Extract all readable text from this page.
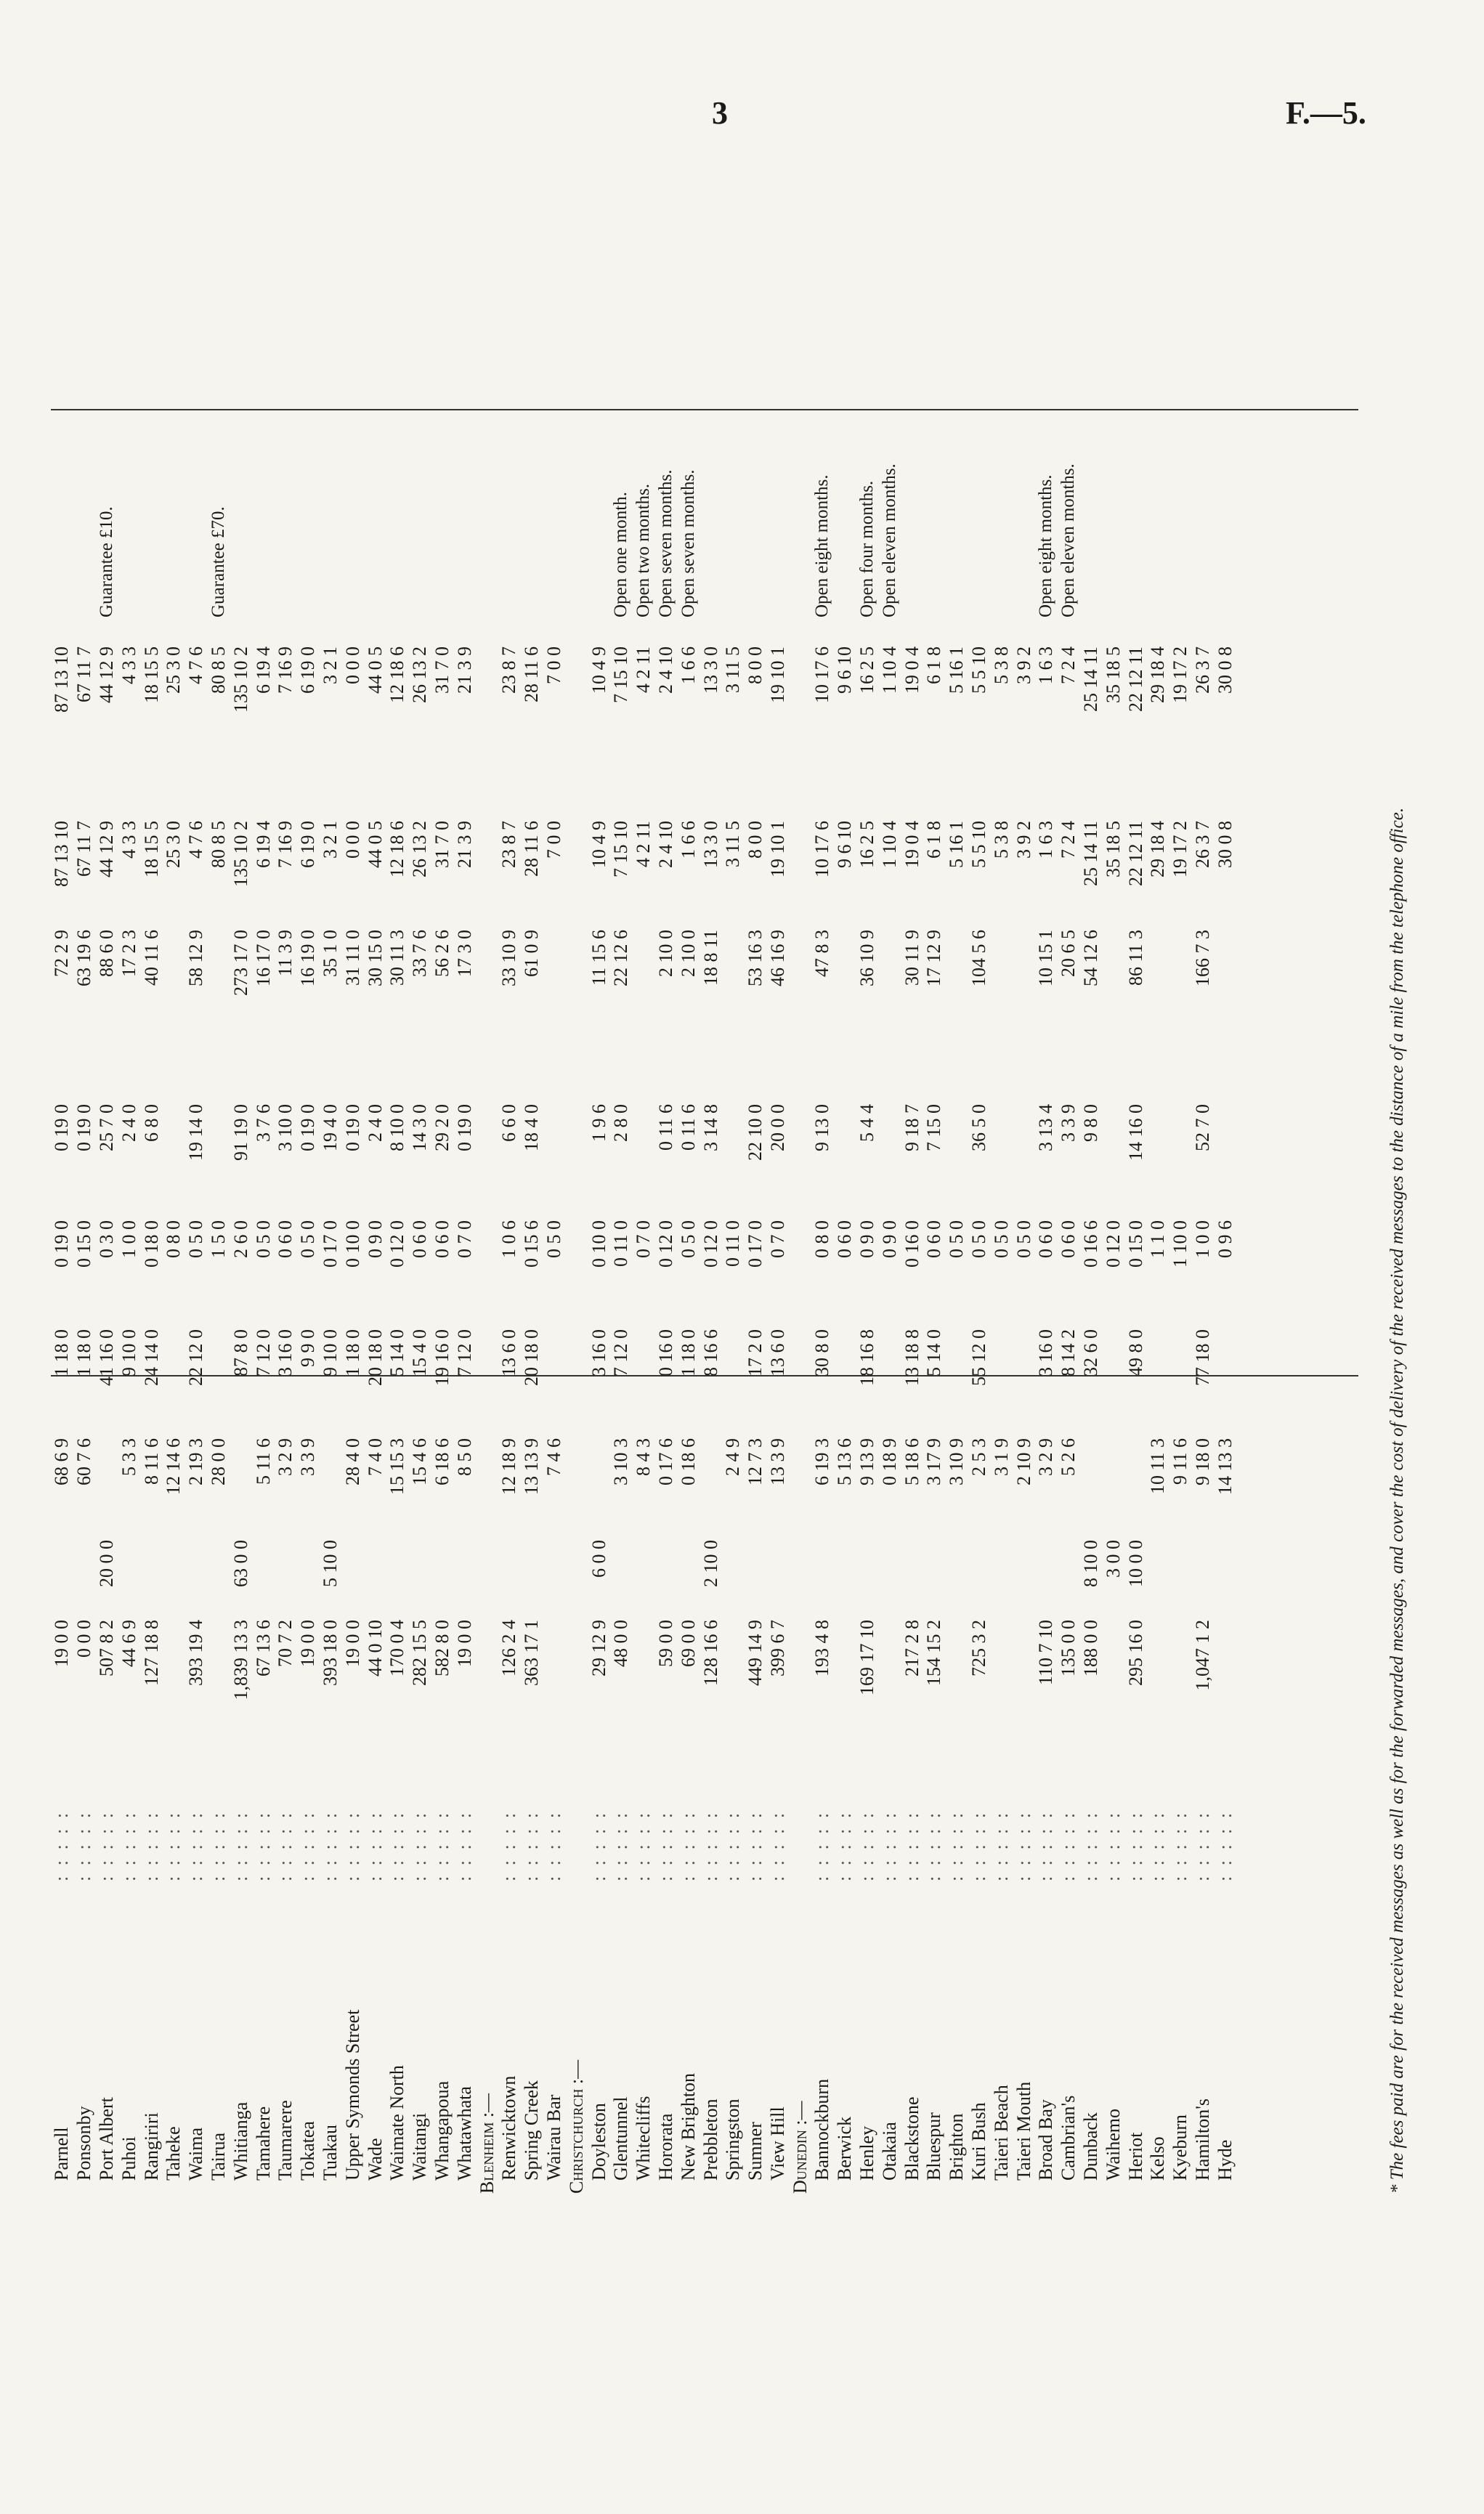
3	F.—5.
Parnell
: : : : :
19 0 0
68 6 9
1 18 0
0 19 0
0 19 0
72 2 9
87 13 10
87 13 10
Ponsonby
: : : : :
0 0 0
60 7 6
1 18 0
0 15 0
0 19 0
63 19 6
67 11 7
67 11 7
Port Albert
: : : : :
507 8 2
20 0 0
41 16 0
0 3 0
25 7 0
88 6 0
44 12 9
44 12 9
Guarantee £10.
Puhoi
: : : : :
44 6 9
5 3 3
9 10 0
1 0 0
2 4 0
17 2 3
4 3 3
4 3 3
Rangiriri
: : : : :
127 18 8
8 11 6
24 14 0
0 18 0
6 8 0
40 11 6
18 15 5
18 15 5
Taheke
: : : : :
12 14 6
0 8 0
25 3 0
25 3 0
Waima
: : : : :
393 19 4
2 19 3
22 12 0
0 5 0
19 14 0
58 12 9
4 7 6
4 7 6
Tairua
: : : : :
28 0 0
1 5 0
80 8 5
80 8 5
Guarantee £70.
Whitianga
: : : : :
1,839 13 3
63 0 0
87 8 0
2 6 0
91 19 0
273 17 0
135 10 2
135 10 2
Tamahere
: : : : :
67 13 6
5 11 6
7 12 0
0 5 0
3 7 6
16 17 0
6 19 4
6 19 4
Taumarere
: : : : :
70 7 2
3 2 9
3 16 0
0 6 0
3 10 0
11 3 9
7 16 9
7 16 9
Tokatea
: : : : :
19 0 0
3 3 9
9 9 0
0 5 0
0 19 0
16 19 0
6 19 0
6 19 0
Tuakau
: : : : :
393 18 0
5 10 0
9 10 0
0 17 0
19 4 0
35 1 0
3 2 1
3 2 1
Upper Symonds Street
: : : : :
19 0 0
28 4 0
1 18 0
0 10 0
0 19 0
31 11 0
0 0 0
0 0 0
Wade
: : : : :
44 0 10
7 4 0
20 18 0
0 9 0
2 4 0
30 15 0
44 0 5
44 0 5
Waimate North
: : : : :
170 0 4
15 15 3
5 14 0
0 12 0
8 10 0
30 11 3
12 18 6
12 18 6
Waitangi
: : : : :
282 15 5
15 4 6
15 4 0
0 6 0
14 3 0
33 7 6
26 13 2
26 13 2
Whangapoua
: : : : :
582 8 0
6 18 6
19 16 0
0 6 0
29 2 0
56 2 6
31 7 0
31 7 0
Whatawhata
: : : : :
19 0 0
8 5 0
7 12 0
0 7 0
0 19 0
17 3 0
21 3 9
21 3 9
Blenheim :— Renwicktown
: : : : :
126 2 4
12 18 9
13 6 0
1 0 6
6 6 0
33 10 9
23 8 7
23 8 7
Spring Creek
: : : : :
363 17 1
13 13 9
20 18 0
0 15 6
18 4 0
61 0 9
28 11 6
28 11 6
Wairau Bar
: : : : :
7 4 6
0 5 0
7 0 0
7 0 0
Christchurch :— Doyleston
: : : : :
29 12 9
6 0 0
3 16 0
0 10 0
1 9 6
11 15 6
10 4 9
10 4 9
Glentunnel
: : : : :
48 0 0
3 10 3
7 12 0
0 11 0
2 8 0
22 12 6
7 15 10
7 15 10
Open one month.
Whitecliffs
: : : : :
8 4 3
0 7 0
4 2 11
4 2 11
Open two months.
Hororata
: : : : :
59 0 0
0 17 6
0 16 0
0 12 0
0 11 6
2 10 0
2 4 10
2 4 10
Open seven months.
New Brighton
: : : : :
69 0 0
0 18 6
1 18 0
0 5 0
0 11 6
2 10 0
1 6 6
1 6 6
Open seven months.
Prebbleton
: : : : :
128 16 6
2 10 0
8 16 6
0 12 0
3 14 8
18 8 11
13 3 0
13 3 0
Springston
: : : : :
2 4 9
0 11 0
3 11 5
3 11 5
Sumner
: : : : :
449 14 9
12 7 3
17 2 0
0 17 0
22 10 0
53 16 3
8 0 0
8 0 0
View Hill
: : : : :
399 6 7
13 3 9
13 6 0
0 7 0
20 0 0
46 16 9
19 10 1
19 10 1
Dunedin :— Bannockburn
: : : : :
193 4 8
6 19 3
30 8 0
0 8 0
9 13 0
47 8 3
10 17 6
10 17 6
Open eight months.
Berwick
: : : : :
5 13 6
0 6 0
9 6 10
9 6 10
Henley
: : : : :
169 17 10
9 13 9
18 16 8
0 9 0
5 4 4
36 10 9
16 2 5
16 2 5
Open four months.
Otakaia
: : : : :
0 18 9
0 9 0
1 10 4
1 10 4
Open eleven months.
Blackstone
: : : : :
217 2 8
5 18 6
13 18 8
0 16 0
9 18 7
30 11 9
19 0 4
19 0 4
Bluespur
: : : : :
154 15 2
3 17 9
5 14 0
0 6 0
7 15 0
17 12 9
6 1 8
6 1 8
Brighton
: : : : :
3 10 9
0 5 0
5 16 1
5 16 1
Kuri Bush
: : : : :
725 3 2
2 5 3
55 12 0
0 5 0
36 5 0
104 5 6
5 5 10
5 5 10
Taieri Beach
: : : : :
3 1 9
0 5 0
5 3 8
5 3 8
Taieri Mouth
: : : : :
2 10 9
0 5 0
3 9 2
3 9 2
Broad Bay
: : : : :
110 7 10
3 2 9
3 16 0
0 6 0
3 13 4
10 15 1
1 6 3
1 6 3
Open eight months.
Cambrian's
: : : : :
135 0 0
5 2 6
8 14 2
0 6 0
3 3 9
20 6 5
7 2 4
7 2 4
Open eleven months.
Dunback
: : : : :
188 0 0
8 10 0
32 6 0
0 16 6
9 8 0
54 12 6
25 14 11
25 14 11
Waihemo
: : : : :
3 0 0
0 12 0
35 18 5
35 18 5
Heriot
: : : : :
295 16 0
10 0 0
49 8 0
0 15 0
14 16 0
86 11 3
22 12 11
22 12 11
Kelso
: : : : :
10 11 3
1 1 0
29 18 4
29 18 4
Kyeburn
: : : : :
9 11 6
1 10 0
19 17 2
19 17 2
Hamilton's
: : : : :
1,047 1 2
9 18 0
77 18 0
1 0 0
52 7 0
166 7 3
26 3 7
26 3 7
Hyde
: : : : :
14 13 3
0 9 6
30 0 8
30 0 8
* The fees paid are for the received messages as well as for the forwarded messages, and cover the cost of delivery of the received messages to the distance of a mile from the telephone office.
